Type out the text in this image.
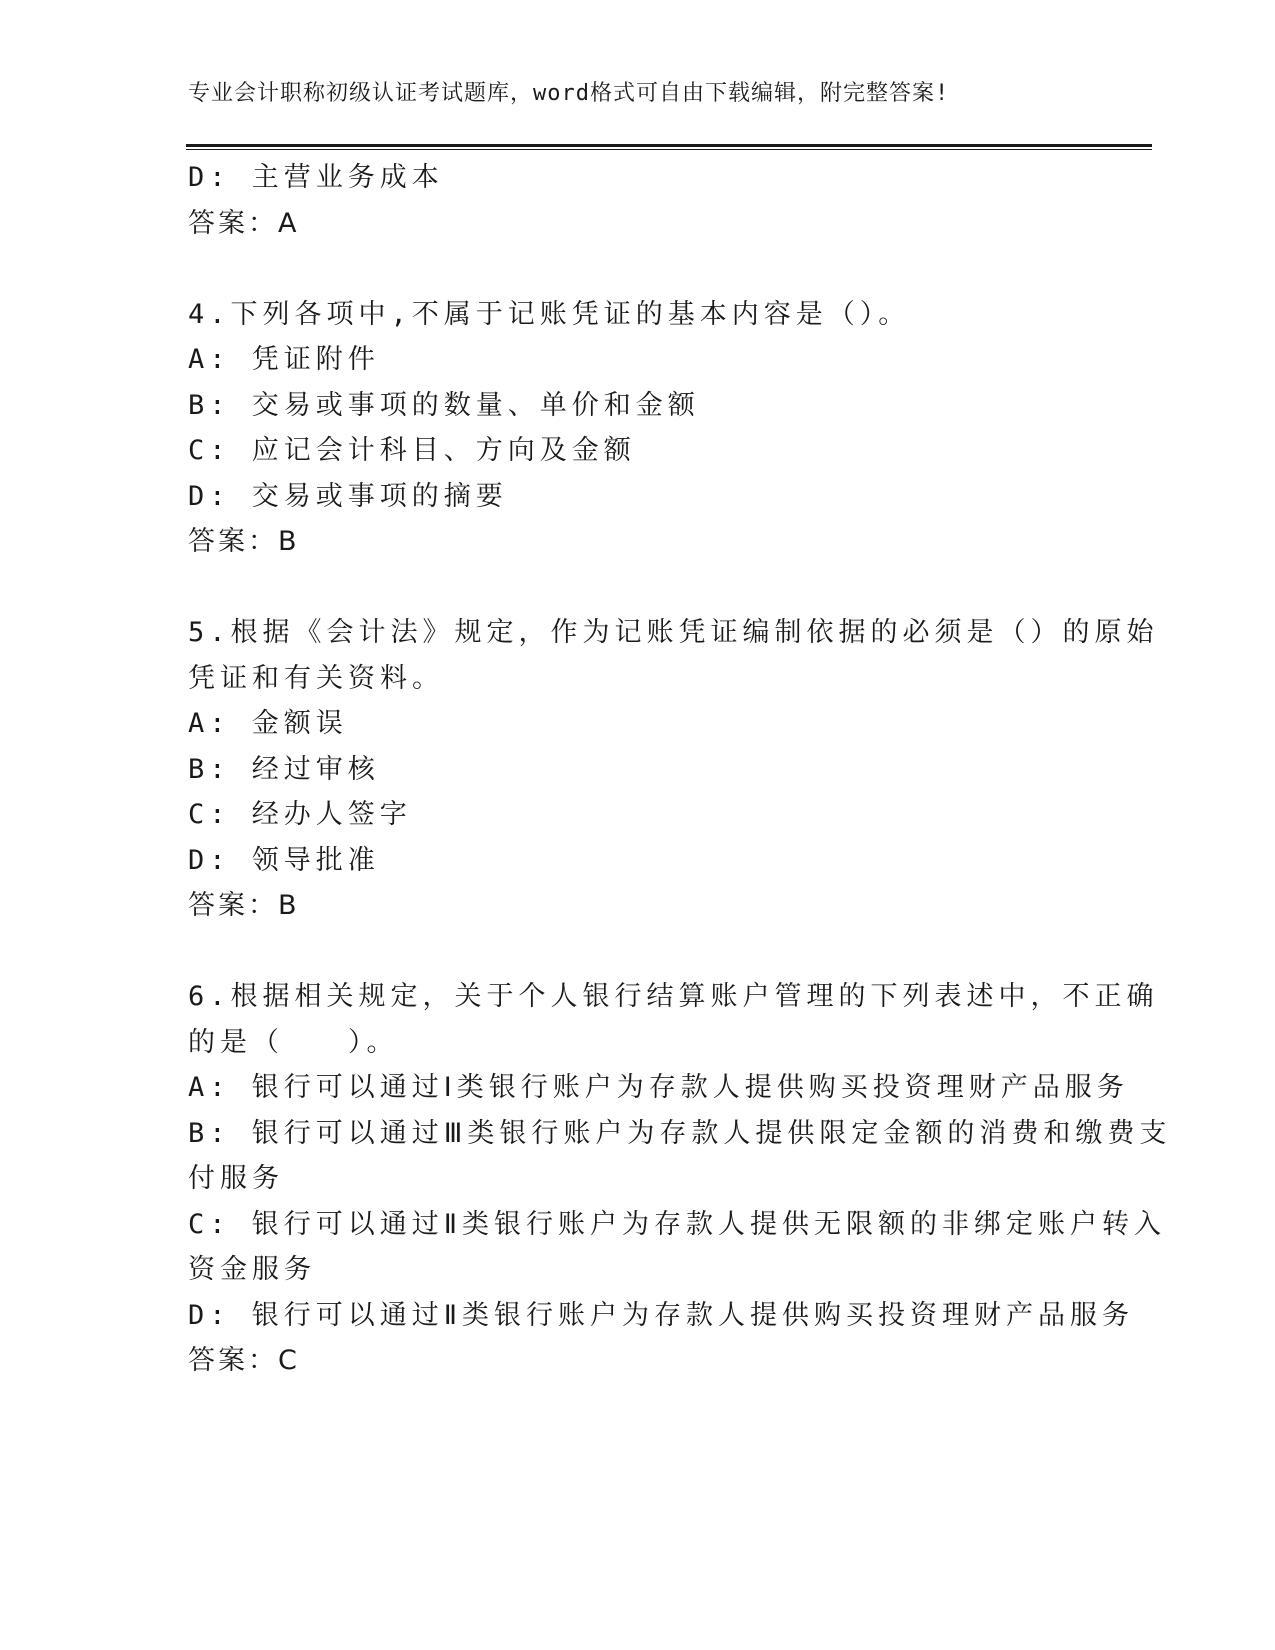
专业会计职称初级认证考试题库，word格式可自由下载编辑，附完整答案!
D: 主营业务成本
答案：A
4.下列各项中,不属于记账凭证的基本内容是（）。
A: 凭证附件
B: 交易或事项的数量、单价和金额
C: 应记会计科目、方向及金额
D: 交易或事项的摘要
答案：B
5.根据《会计法》规定，作为记账凭证编制依据的必须是（）的原始
凭证和有关资料。
A: 金额误
B: 经过审核
C: 经办人签字
D: 领导批准
答案：B
6.根据相关规定，关于个人银行结算账户管理的下列表述中，不正确
的是（　　）。
A: 银行可以通过Ⅰ类银行账户为存款人提供购买投资理财产品服务
B: 银行可以通过Ⅲ类银行账户为存款人提供限定金额的消费和缴费支
付服务
C: 银行可以通过Ⅱ类银行账户为存款人提供无限额的非绑定账户转入
资金服务
D: 银行可以通过Ⅱ类银行账户为存款人提供购买投资理财产品服务
答案：C
